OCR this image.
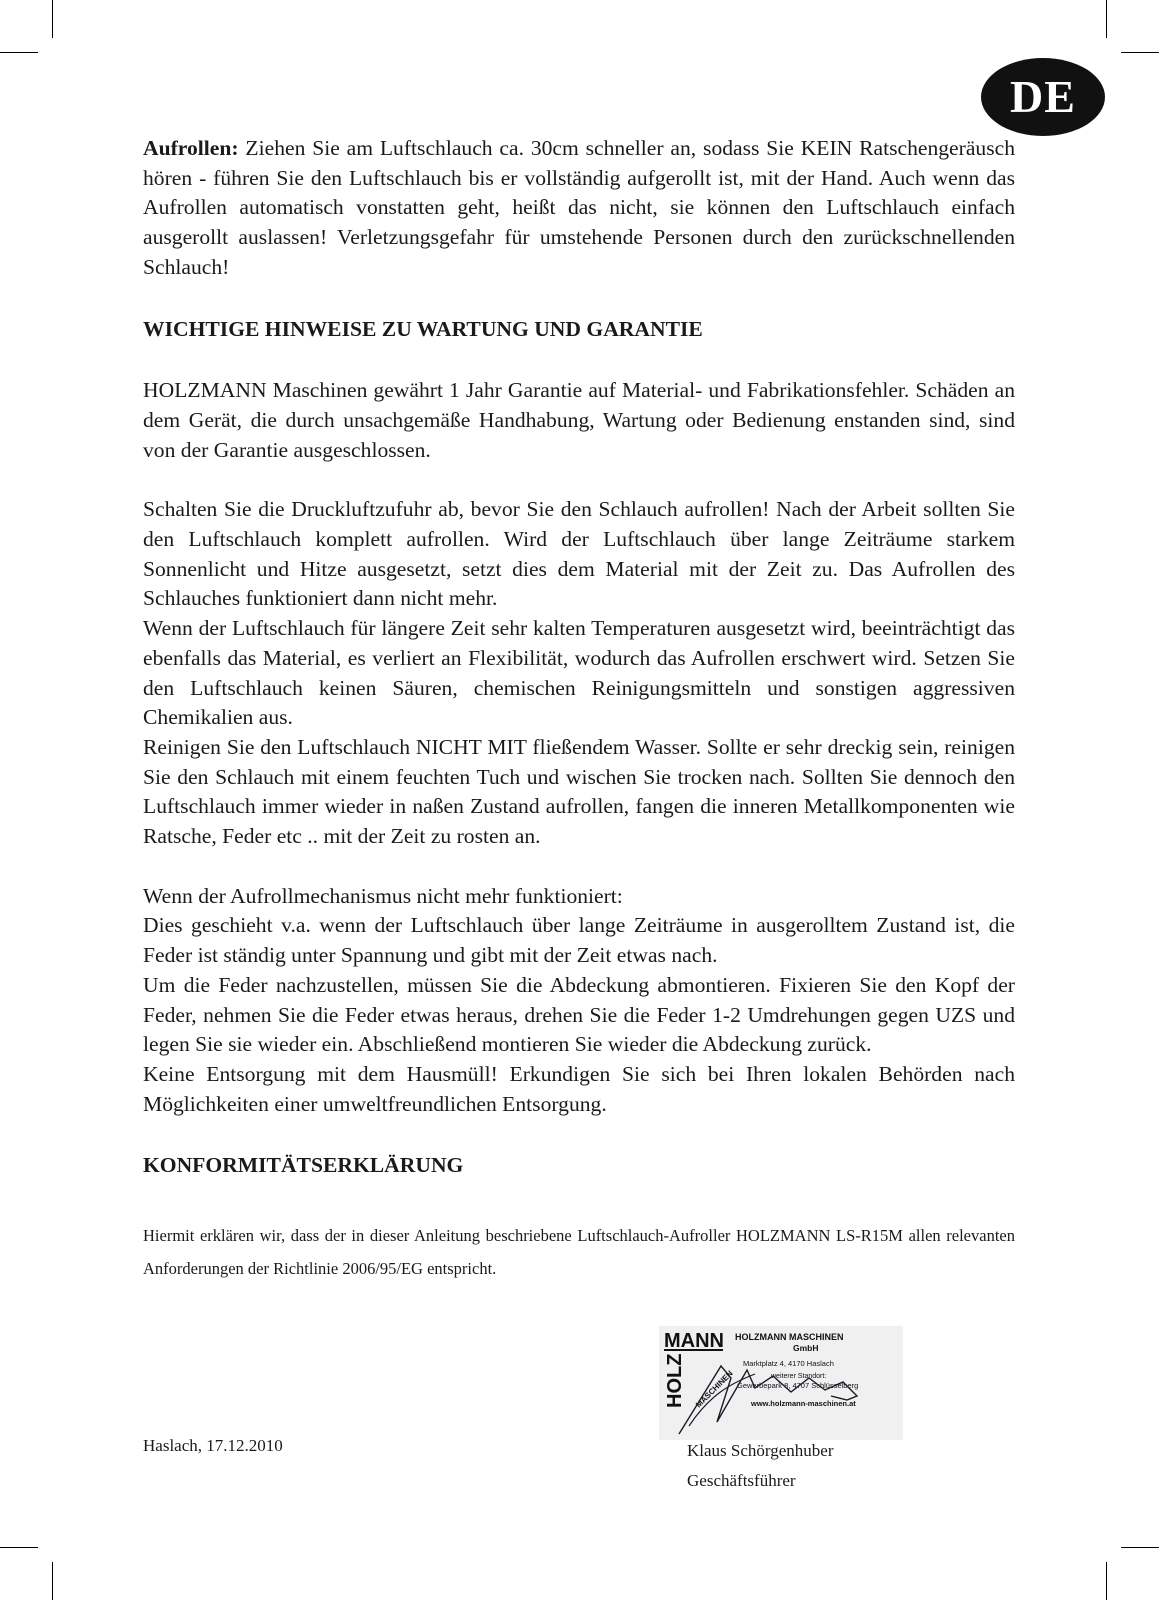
DE

Aufrollen: Ziehen Sie am Luftschlauch ca. 30cm schneller an, sodass Sie KEIN Ratschengeräusch hören - führen Sie den Luftschlauch bis er vollständig aufgerollt ist, mit der Hand. Auch wenn das Aufrollen automatisch vonstatten geht, heißt das nicht, sie können den Luftschlauch einfach ausgerollt auslassen! Verletzungsgefahr für umstehende Personen durch den zurückschnellenden Schlauch!

WICHTIGE HINWEISE ZU WARTUNG UND GARANTIE

HOLZMANN Maschinen gewährt 1 Jahr Garantie auf Material- und Fabrikationsfehler. Schäden an dem Gerät, die durch unsachgemäße Handhabung, Wartung oder Bedienung enstanden sind, sind von der Garantie ausgeschlossen.

Schalten Sie die Druckluftzufuhr ab, bevor Sie den Schlauch aufrollen! Nach der Arbeit sollten Sie den Luftschlauch komplett aufrollen. Wird der Luftschlauch über lange Zeiträume starkem Sonnenlicht und Hitze ausgesetzt, setzt dies dem Material mit der Zeit zu. Das Aufrollen des Schlauches funktioniert dann nicht mehr.

Wenn der Luftschlauch für längere Zeit sehr kalten Temperaturen ausgesetzt wird, beeinträchtigt das ebenfalls das Material, es verliert an Flexibilität, wodurch das Aufrollen erschwert wird. Setzen Sie den Luftschlauch keinen Säuren, chemischen Reinigungsmitteln und sonstigen aggressiven Chemikalien aus.

Reinigen Sie den Luftschlauch NICHT MIT fließendem Wasser. Sollte er sehr dreckig sein, reinigen Sie den Schlauch mit einem feuchten Tuch und wischen Sie trocken nach. Sollten Sie dennoch den Luftschlauch immer wieder in naßen Zustand aufrollen, fangen die inneren Metallkomponenten wie Ratsche, Feder etc .. mit der Zeit zu rosten an.

Wenn der Aufrollmechanismus nicht mehr funktioniert:

Dies geschieht v.a. wenn der Luftschlauch über lange Zeiträume in ausgerolltem Zustand ist, die Feder ist ständig unter Spannung und gibt mit der Zeit etwas nach.

Um die Feder nachzustellen, müssen Sie die Abdeckung abmontieren. Fixieren Sie den Kopf der Feder, nehmen Sie die Feder etwas heraus, drehen Sie die Feder 1-2 Umdrehungen gegen UZS und legen Sie sie wieder ein. Abschließend montieren Sie wieder die Abdeckung zurück.

Keine Entsorgung mit dem Hausmüll! Erkundigen Sie sich bei Ihren lokalen Behörden nach Möglichkeiten einer umweltfreundlichen Entsorgung.

KONFORMITÄTSERKLÄRUNG

Hiermit erklären wir, dass der in dieser Anleitung beschriebene Luftschlauch-Aufroller HOLZMANN LS-R15M allen relevanten Anforderungen der Richtlinie 2006/95/EG entspricht.

MANN
HOLZ MASCHINEN
HOLZMANN MASCHINEN
GmbH
Marktplatz 4, 4170 Haslach
weiterer Standort:
Gewerbepark 8, 4707 Schlüsselberg
www.holzmann-maschinen.at
Haslach, 17.12.2010	Klaus Schörgenhuber
Geschäftsführer
